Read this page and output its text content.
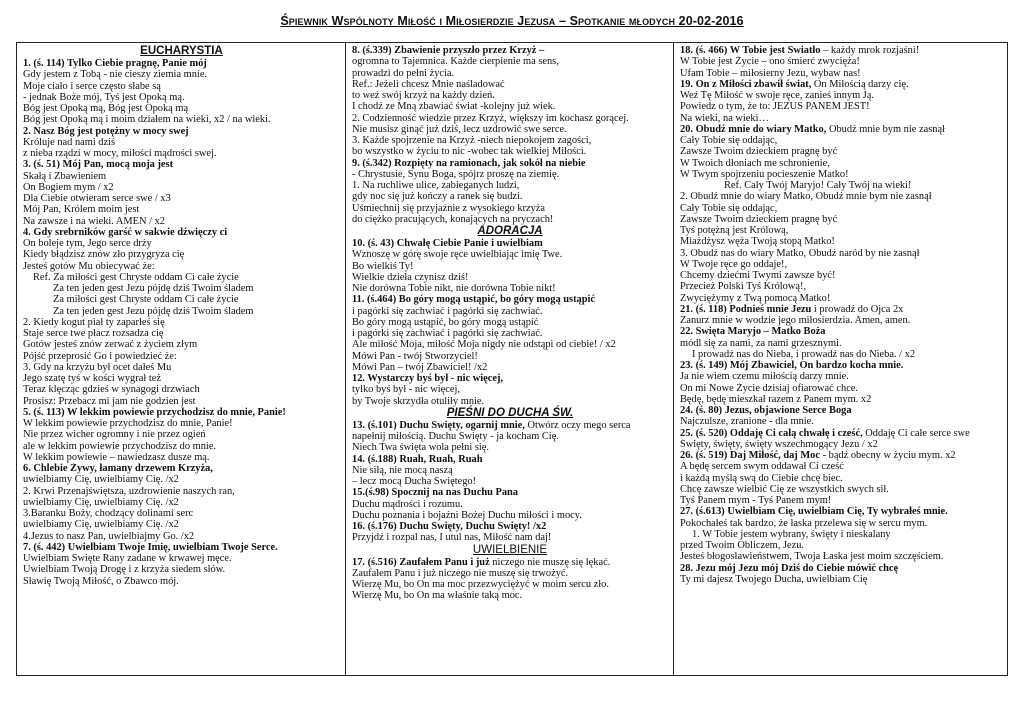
Śpiewnik Wspólnoty Miłość i Miłosierdzie Jezusa – Spotkanie młodych 20-02-2016
EUCHARYSTIA
1. (ś. 114) Tylko Ciebie pragnę, Panie mój
Gdy jestem z Tobą - nie cieszy ziemia mnie.
Moje ciało i serce często słabe są
- jednak Boże mój, Tyś jest Opoką mą.
Bóg jest Opoką mą, Bóg jest Opoką mą
Bóg jest Opoką mą i moim działem na wieki, x2 / na wieki.
2. Nasz Bóg jest potężny w mocy swej
Króluje nad nami dziś
z nieba rządzi w mocy, miłości mądrości swej.
3. (ś. 51) Mój Pan, mocą moja jest
Skałą i Zbawieniem
On Bogiem mym / x2
Dla Ciebie otwieram serce swe / x3
Mój Pan, Królem moim jest
Na zawsze i na wieki. AMEN / x2
4. Gdy srebrników garść w sakwie dźwięczy ci
On boleje tym, Jego serce drży
Kiedy błądzisz znów zło przygryza cię
Jesteś gotów Mu obiecywać że:
Ref. Za miłości gest Chryste oddam Ci całe życie
Za ten jeden gest Jezu pójdę dziś Twoim śladem
Za miłości gest Chryste oddam Ci całe życie
Za ten jeden gest Jezu pójdę dziś Twoim śladem
2. Kiedy kogut piał ty zaparłeś się
Staje serce twe płacz rozsadza cię
Gotów jesteś znów zerwać z życiem złym
Pójść przeprosić Go i powiedzieć że:
3. Gdy na krzyżu był ocet dałeś Mu
Jego szatę tyś w kości wygrał też
Teraz klęcząc gdzieś w synagogi drzwiach
Prosisz: Przebacz mi jam nie godzien jest
5. (ś. 113) W lekkim powiewie przychodzisz do mnie, Panie!
W lekkim powiewie przychodzisz do mnie, Panie!
Nie przez wicher ogromny i nie przez ogień
ale w lekkim powiewie przychodzisz do mnie.
W lekkim powiewie – nawiedzasz dusze mą.
6. Chlebie Żywy, łamany drzewem Krzyża,
uwielbiamy Cię, uwielbiamy Cię. /x2
2. Krwi Przenajświętsza, uzdrowienie naszych ran,
uwielbiamy Cię, uwielbiamy Cię. /x2
3.Baranku Boży, chodzący dolinami serc
uwielbiamy Cię, uwielbiamy Cię. /x2
4.Jezus to nasz Pan, uwielbiajmy Go. /x2
7. (ś. 442) Uwielbiam Twoje Imię, uwielbiam Twoje Serce.
Uwielbiam Święte Rany zadane w krwawej męce.
Uwielbiam Twoją Drogę i z krzyża siedem słów.
Sławię Twoją Miłość, o Zbawco mój.
8. (ś.339) Zbawienie przyszło przez Krzyż –
ogromna to Tajemnica. Każde cierpienie ma sens,
prowadzi do pełni życia.
Ref.: Jeżeli chcesz Mnie naśladować
to weź swój krzyż na każdy dzień.
I chodź ze Mną zbawiać świat -kolejny już wiek.
2. Codzienność wiedzie przez Krzyż, większy im kochasz gorącej.
Nie musisz ginąć już dziś, lecz uzdrowić swe serce.
3. Każde spojrzenie na Krzyż -niech niepokojem zagości,
bo wszystko w życiu to nic -wobec tak wielkiej Miłości.
9. (ś.342) Rozpięty na ramionach, jak sokół na niebie
- Chrystusie, Synu Boga, spójrz proszę na ziemię.
1. Na ruchliwe ulice, zabieganych ludzi,
gdy noc się już kończy a ranek się budzi.
Uśmiechnij się przyjaźnie z wysokiego krzyża
do ciężko pracujących, konających na pryczach!
ADORACJA
10. (ś. 43) Chwałę Ciebie Panie i uwielbiam
Wznoszę w górę swoje ręce uwielbiając imię Twe.
Bo wielkiś Ty!
Wielkie dzieła czynisz dziś!
Nie dorówna Tobie nikt, nie dorówna Tobie nikt!
11. (ś.464) Bo góry mogą ustąpić, bo góry mogą ustąpić
i pagórki się zachwiać i pagórki się zachwiać.
Bo góry mogą ustąpić, bo góry mogą ustąpić
i pagórki się zachwiać i pagórki się zachwiać.
Ale miłość Moja, miłość Moja nigdy nie odstąpi od ciebie! / x2
Mówi Pan - twój Stworzyciel!
Mówi Pan – twój Zbawiciel! /x2
12. Wystarczy byś był - nic więcej,
tylko byś był - nic więcej,
by Twoje skrzydła otuliły mnie.
PIEŚNI DO DUCHA ŚW.
13. (ś.101) Duchu Święty, ogarnij mnie, Otwórz oczy mego serca
napełnij miłością. Duchu Święty - ja kocham Cię.
Niech Twa święta wola pełni się.
14. (ś.188) Ruah, Ruah, Ruah
Nie siłą, nie mocą naszą
– lecz mocą Ducha Świętego!
15.(ś.98) Spocznij na nas Duchu Pana
Duchu mądrości i rozumu.
Duchu poznania i bojaźni Bożej Duchu miłości i mocy.
16. (ś.176) Duchu Święty, Duchu Święty! /x2
Przyjdź i rozpal nas, I utul nas, Miłość nam daj!
UWIELBIENIE
17. (ś.516) Zaufałem Panu i już niczego nie muszę się lękać.
Zaufałem Panu i już niczego nie muszę się trwożyć.
Wierzę Mu, bo On ma moc przezwyciężyć w moim sercu zło.
Wierzę Mu, bo On ma właśnie taką moc.
18. (ś. 466) W Tobie jest Światło – każdy mrok rozjaśni!
W Tobie jest Życie – ono śmierć zwycięża!
Ufam Tobie – miłosierny Jezu, wybaw nas!
19. On z Miłości zbawił świat, On Miłością darzy cię.
Weź Tę Miłość w swoje ręce, zanieś innym Ją.
Powiedz o tym, że to: JEZUS PANEM JEST!
Na wieki, na wieki…
20. Obudź mnie do wiary Matko, Obudź mnie bym nie zasnął
Cały Tobie się oddając,
Zawsze Twoim dzieckiem pragnę być
W Twoich dłoniach me schronienie,
W Twym spojrzeniu pocieszenie Matko!
Ref. Cały Twój Maryjo! Cały Twój na wieki!
2. Obudź mnie do wiary Matko, Obudź mnie bym nie zasnął
Cały Tobie się oddając,
Zawsze Twoim dzieckiem pragnę być
Tyś potężną jest Królową,
Miażdżysz węża Twoją stopą Matko!
3. Obudź nas do wiary Matko, Obudź naród by nie zasnął
W Twoje ręce go oddaje!,
Chcemy dziećmi Twymi zawsze być!
Przecież Polski Tyś Królową!,
Zwyciężymy z Twą pomocą Matko!
21. (ś. 118) Podnieś mnie Jezu i prowadź do Ojca 2x
Zanurz mnie w wodzie jego miłosierdzia. Amen, amen.
22. Święta Maryjo – Matko Boża
módl się za nami, za nami grzesznymi.
I prowadź nas do Nieba, i prowadź nas do Nieba. / x2
23. (ś. 149) Mój Zbawiciel, On bardzo kocha mnie.
Ja nie wiem czemu miłością darzy mnie.
On mi Nowe Życie dzisiaj ofiarować chce.
Będę, będę mieszkał razem z Panem mym. x2
24. (ś. 80) Jezus, objawione Serce Boga
Najczulsze, zranione - dla mnie.
25. (ś. 520) Oddaję Ci całą chwałę i cześć, Oddaję Ci całe serce swe
Święty, święty, święty wszechmogący Jezu / x2
26. (ś. 519) Daj Miłość, daj Moc - bądź obecny w życiu mym. x2
A będę sercem swym oddawał Ci cześć
i każdą myślą swą do Ciebie chcę biec.
Chcę zawsze wielbić Cię ze wszystkich swych sił.
Tyś Panem mym - Tyś Panem mym!
27. (ś.613) Uwielbiam Cię, uwielbiam Cię, Ty wybrałeś mnie.
Pokochałeś tak bardzo, że łaska przelewa się w sercu mym.
1. W Tobie jestem wybrany, święty i nieskalany
przed Twoim Obliczem, Jezu.
Jesteś błogosławieństwem, Twoja Łaska jest moim szczęściem.
28. Jezu mój Jezu mój Dziś do Ciebie mówić chcę
Ty mi dajesz Twojego Ducha, uwielbiam Cię
